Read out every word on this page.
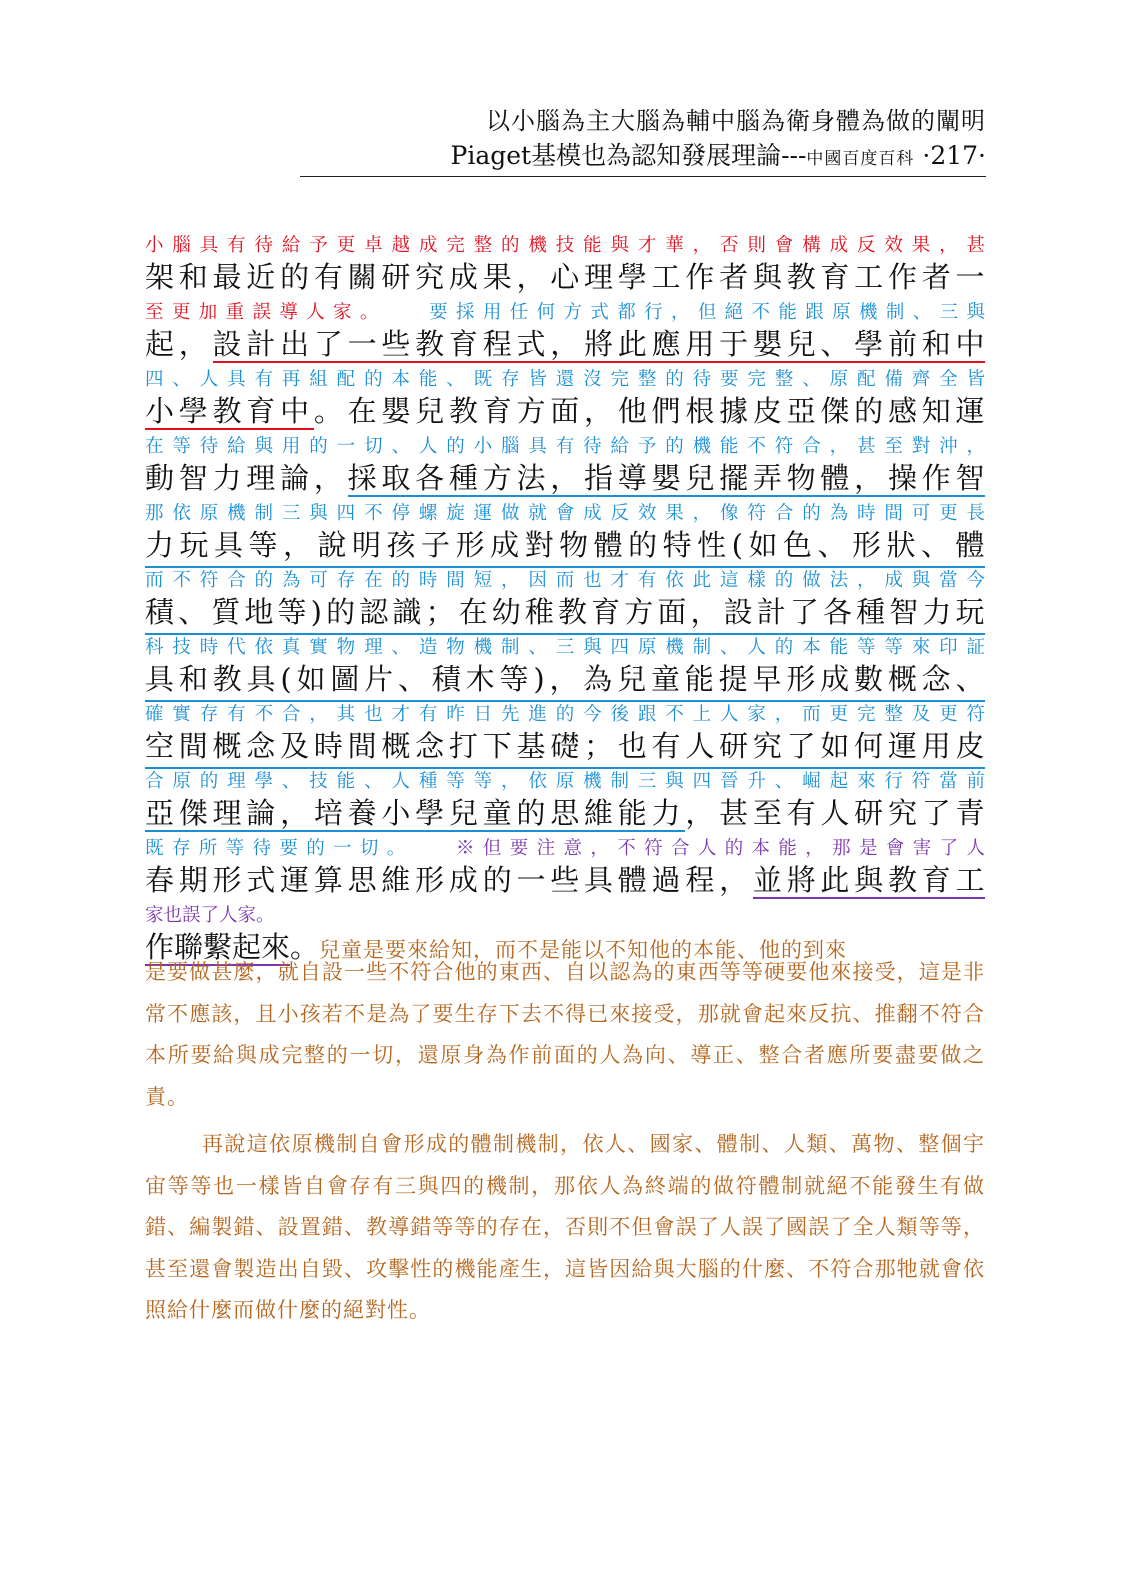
以小腦為主大腦為輔中腦為衛身體為做的闡明
Piaget基模也為認知發展理論---中國百度百科 ·217·
小腦具有待給予更卓越成完整的機技能與才華，否則會構成反效果，甚
架和最近的有關研究成果，心理學工作者與教育工作者一
至更加重誤導人家。 要採用任何方式都行，但絕不能跟原機制、三與
起，設計出了一些教育程式，將此應用于嬰兒、學前和中
四、人具有再組配的本能、既存皆還沒完整的待要完整、原配備齊全皆
小學教育中。在嬰兒教育方面，他們根據皮亞傑的感知運
在等待給與用的一切、人的小腦具有待給予的機能不符合，甚至對沖，
動智力理論，採取各種方法，指導嬰兒擺弄物體，操作智
那依原機制三與四不停螺旋運做就會成反效果，像符合的為時間可更長
力玩具等，說明孩子形成對物體的特性(如色、形狀、體
而不符合的為可存在的時間短，因而也才有依此這樣的做法，成與當今
積、質地等)的認識；在幼稚教育方面，設計了各種智力玩
科技時代依真實物理、造物機制、三與四原機制、人的本能等等來印証
具和教具(如圖片、積木等)，為兒童能提早形成數概念、
確實存有不合，其也才有昨日先進的今後跟不上人家，而更完整及更符
空間概念及時間概念打下基礎；也有人研究了如何運用皮
合原的理學、技能、人種等等，依原機制三與四晉升、崛起來行符當前
亞傑理論，培養小學兒童的思維能力，甚至有人研究了青
既存所等待要的一切。 ※但要注意，不符合人的本能，那是會害了人
春期形式運算思維形成的一些具體過程，並將此與教育工
家也誤了人家。
作聯繫起來。兒童是要來給知，而不是能以不知他的本能、他的到來
是要做甚麼，就自設一些不符合他的東西、自以認為的東西等等硬要他來接受，這是非常不應該，且小孩若不是為了要生存下去不得已來接受，那就會起來反抗、推翻不符合本所要給與成完整的一切，還原身為作前面的人為向、導正、整合者應所要盡要做之責。
再說這依原機制自會形成的體制機制，依人、國家、體制、人類、萬物、整個宇宙等等也一樣皆自會存有三與四的機制，那依人為終端的做符體制就絕不能發生有做錯、編製錯、設置錯、教導錯等等的存在，否則不但會誤了人誤了國誤了全人類等等，甚至還會製造出自毀、攻擊性的機能產生，這皆因給與大腦的什麼、不符合那牠就會依照給什麼而做什麼的絕對性。
